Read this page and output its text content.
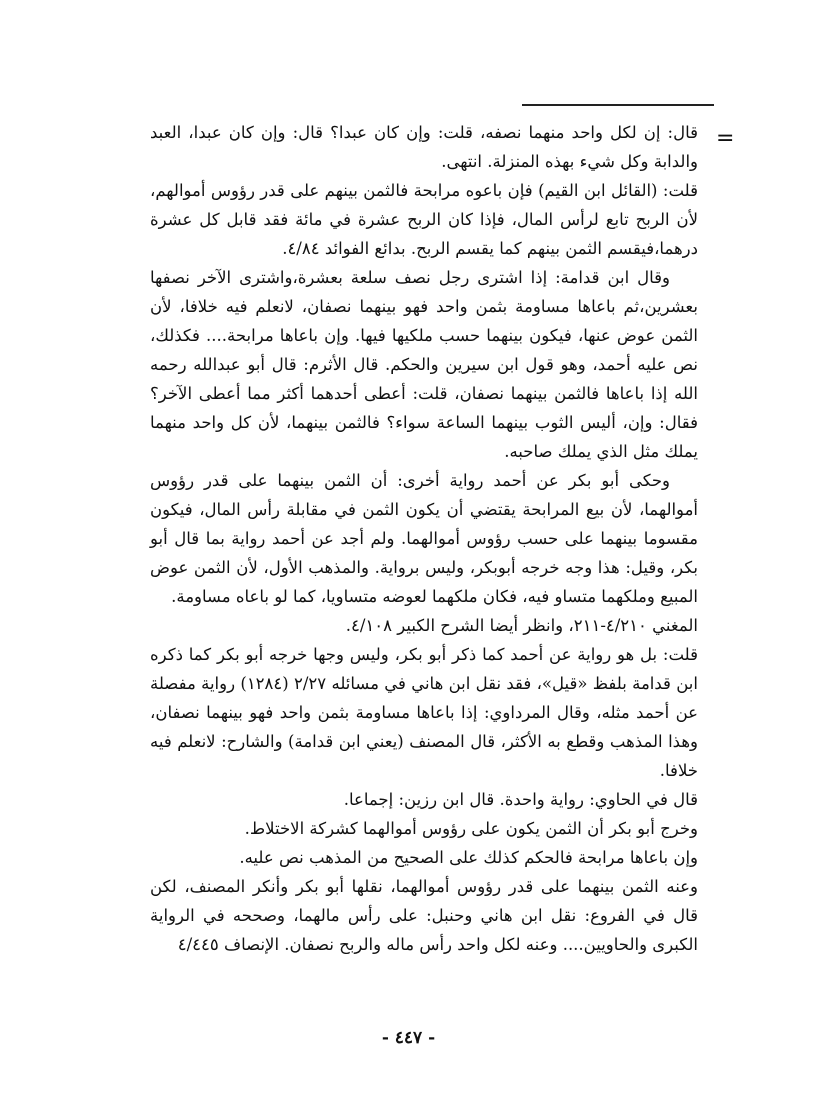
=

قال: إن لكل واحد منهما نصفه، قلت: وإن كان عبدا؟ قال: وإن كان عبدا، العبد والدابة وكل شيء بهذه المنزلة. انتهى.

قلت: (القائل ابن القيم) فإن باعوه مرابحة فالثمن بينهم على قدر رؤوس أموالهم، لأن الربح تابع لرأس المال، فإذا كان الربح عشرة في مائة فقد قابل كل عشرة درهما،فيقسم الثمن بينهم كما يقسم الربح. بدائع الفوائد ٤/٨٤.

وقال ابن قدامة: إذا اشترى رجل نصف سلعة بعشرة،واشترى الآخر نصفها بعشرين،ثم باعاها مساومة بثمن واحد فهو بينهما نصفان، لانعلم فيه خلافا، لأن الثمن عوض عنها، فيكون بينهما حسب ملكيها فيها. وإن باعاها مرابحة.... فكذلك، نص عليه أحمد، وهو قول ابن سيرين والحكم. قال الأثرم: قال أبو عبدالله رحمه الله إذا باعاها فالثمن بينهما نصفان، قلت: أعطى أحدهما أكثر مما أعطى الآخر؟ فقال: وإن، أليس الثوب بينهما الساعة سواء؟ فالثمن بينهما، لأن كل واحد منهما يملك مثل الذي يملك صاحبه.

وحكى أبو بكر عن أحمد رواية أخرى: أن الثمن بينهما على قدر رؤوس أموالهما، لأن بيع المرابحة يقتضي أن يكون الثمن في مقابلة رأس المال، فيكون مقسوما بينهما على حسب رؤوس أموالهما. ولم أجد عن أحمد رواية بما قال أبو بكر، وقيل: هذا وجه خرجه أبوبكر، وليس برواية. والمذهب الأول، لأن الثمن عوض المبيع وملكهما متساو فيه، فكان ملكهما لعوضه متساويا، كما لو باعاه مساومة.

المغني ٤/٢١٠-٢١١، وانظر أيضا الشرح الكبير ٤/١٠٨.

قلت: بل هو رواية عن أحمد كما ذكر أبو بكر، وليس وجها خرجه أبو بكر كما ذكره ابن قدامة بلفظ «قيل»، فقد نقل ابن هاني في مسائله ٢/٢٧ (١٢٨٤) رواية مفصلة عن أحمد مثله، وقال المرداوي: إذا باعاها مساومة بثمن واحد فهو بينهما نصفان، وهذا المذهب وقطع به الأكثر، قال المصنف (يعني ابن قدامة) والشارح: لانعلم فيه خلافا.

قال في الحاوي: رواية واحدة. قال ابن رزين: إجماعا.

وخرج أبو بكر أن الثمن يكون على رؤوس أموالهما كشركة الاختلاط.

وإن باعاها مرابحة فالحكم كذلك على الصحيح من المذهب نص عليه.

وعنه الثمن بينهما على قدر رؤوس أموالهما، نقلها أبو بكر وأنكر المصنف، لكن قال في الفروع: نقل ابن هاني وحنبل: على رأس مالهما، وصححه في الرواية الكبرى والحاويين.... وعنه لكل واحد رأس ماله والربح نصفان. الإنصاف ٤/٤٤٥

- ٤٤٧ -
